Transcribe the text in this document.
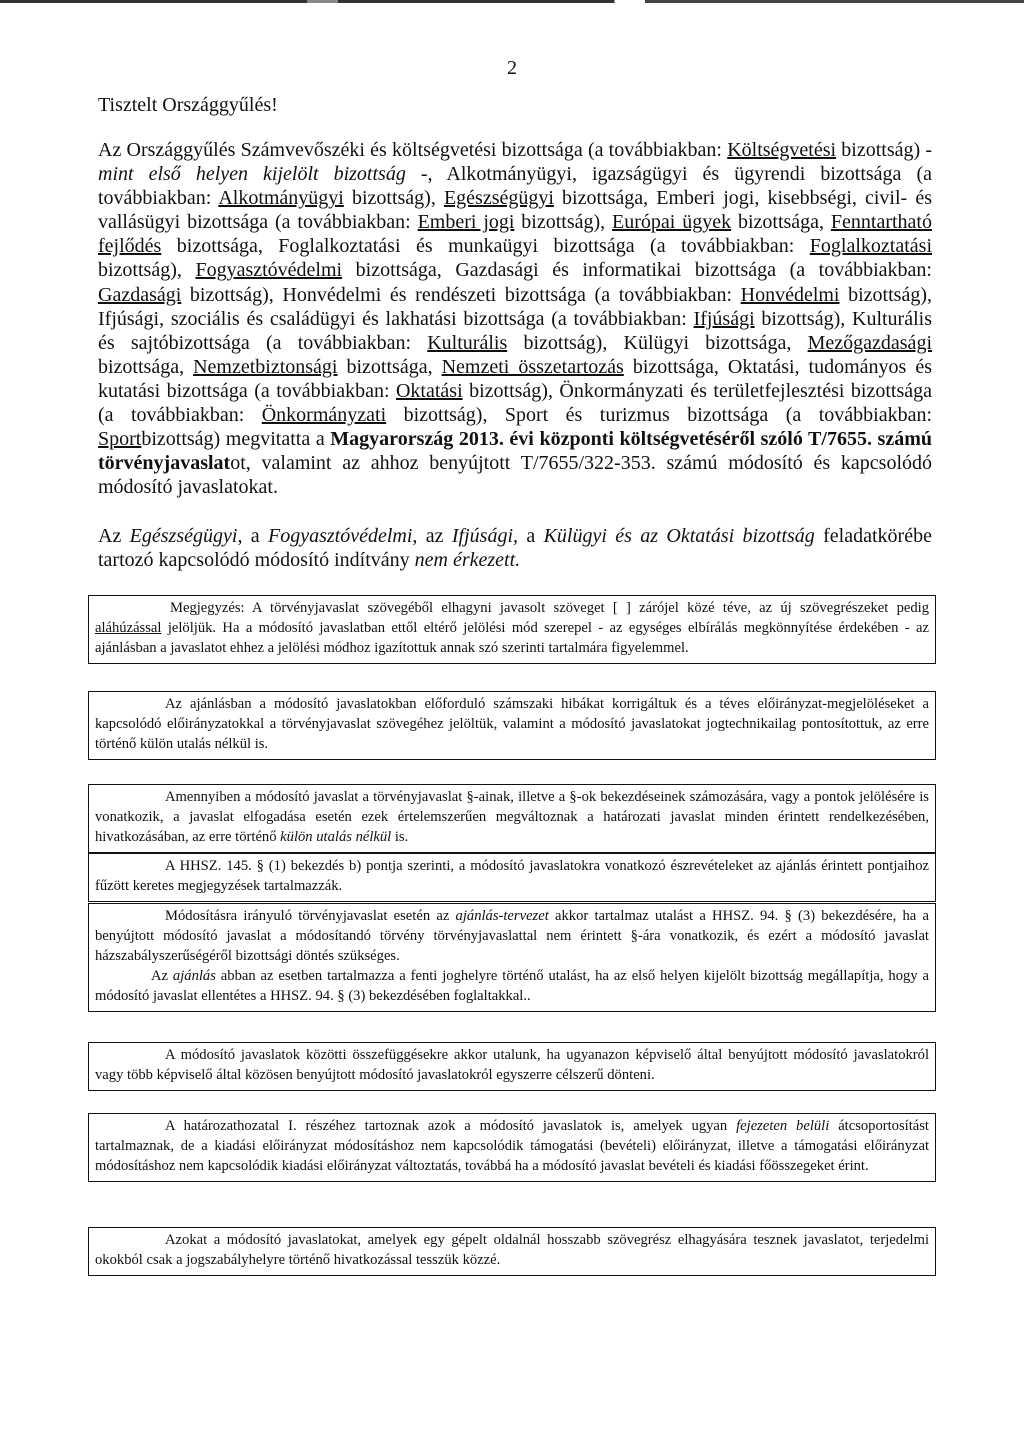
2
Tisztelt Országgyűlés!

Az Országgyűlés Számvevőszéki és költségvetési bizottsága (a továbbiakban: Költségvetési bizottság) - mint első helyen kijelölt bizottság -, Alkotmányügyi, igazságügyi és ügyrendi bizottsága (a továbbiakban: Alkotmányügyi bizottság), Egészségügyi bizottsága, Emberi jogi, kisebbségi, civil- és vallásügyi bizottsága (a továbbiakban: Emberi jogi bizottság), Európai ügyek bizottsága, Fenntartható fejlődés bizottsága, Foglalkoztatási és munkaügyi bizottsága (a továbbiakban: Foglalkoztatási bizottság), Fogyasztóvédelmi bizottsága, Gazdasági és informatikai bizottsága (a továbbiakban: Gazdasági bizottság), Honvédelmi és rendészeti bizottsága (a továbbiakban: Honvédelmi bizottság), Ifjúsági, szociális és családügyi és lakhatási bizottsága (a továbbiakban: Ifjúsági bizottság), Kulturális és sajtóbizottsága (a továbbiakban: Kulturális bizottság), Külügyi bizottsága, Mezőgazdasági bizottsága, Nemzetbiztonsági bizottsága, Nemzeti összetartozás bizottsága, Oktatási, tudományos és kutatási bizottsága (a továbbiakban: Oktatási bizottság), Önkormányzati és területfejlesztési bizottsága (a továbbiakban: Önkormányzati bizottság), Sport és turizmus bizottsága (a továbbiakban: Sportbizottság) megvitatta a Magyarország 2013. évi központi költségvetéséről szóló T/7655. számú törvényjavaslatot, valamint az ahhoz benyújtott T/7655/322-353. számú módosító és kapcsolódó módosító javaslatokat.

Az Egészségügyi, a Fogyasztóvédelmi, az Ifjúsági, a Külügyi és az Oktatási bizottság feladatkörébe tartozó kapcsolódó módosító indítvány nem érkezett.

Megjegyzés: A törvényjavaslat szövegéből elhagyni javasolt szöveget [ ] zárójel közé téve, az új szövegrészeket pedig aláhúzással jelöljük. Ha a módosító javaslatban ettől eltérő jelölési mód szerepel - az egységes elbírálás megkönnyítése érdekében - az ajánlásban a javaslatot ehhez a jelölési módhoz igazítottuk annak szó szerinti tartalmára figyelemmel.

Az ajánlásban a módosító javaslatokban előforduló számszaki hibákat korrigáltuk és a téves előirányzat-megjelöléseket a kapcsolódó előirányzatokkal a törvényjavaslat szövegéhez jelöltük, valamint a módosító javaslatokat jogtechnikailag pontosítottuk, az erre történő külön utalás nélkül is.

Amennyiben a módosító javaslat a törvényjavaslat §-ainak, illetve a §-ok bekezdéseinek számozására, vagy a pontok jelölésére is vonatkozik, a javaslat elfogadása esetén ezek értelemszerűen megváltoznak a határozati javaslat minden érintett rendelkezésében, hivatkozásában, az erre történő külön utalás nélkül is.

A HHSZ. 145. § (1) bekezdés b) pontja szerinti, a módosító javaslatokra vonatkozó észrevételeket az ajánlás érintett pontjaihoz fűzött keretes megjegyzések tartalmazzák.

Módosításra irányuló törvényjavaslat esetén az ajánlás-tervezet akkor tartalmaz utalást a HHSZ. 94. § (3) bekezdésére, ha a benyújtott módosító javaslat a módosítandó törvény törvényjavaslattal nem érintett §-ára vonatkozik, és ezért a módosító javaslat házszabályszerűségéről bizottsági döntés szükséges.

Az ajánlás abban az esetben tartalmazza a fenti joghelyre történő utalást, ha az első helyen kijelölt bizottság megállapítja, hogy a módosító javaslat ellentétes a HHSZ. 94. § (3) bekezdésében foglaltakkal..

A módosító javaslatok közötti összefüggésekre akkor utalunk, ha ugyanazon képviselő által benyújtott módosító javaslatokról vagy több képviselő által közösen benyújtott módosító javaslatokról egyszerre célszerű dönteni.

A határozathozatal I. részéhez tartoznak azok a módosító javaslatok is, amelyek ugyan fejezeten belüli átcsoportosítást tartalmaznak, de a kiadási előirányzat módosításhoz nem kapcsolódik támogatási (bevételi) előirányzat, illetve a támogatási előirányzat módosításhoz nem kapcsolódik kiadási előirányzat változtatás, továbbá ha a módosító javaslat bevételi és kiadási főösszegeket érint.

Azokat a módosító javaslatokat, amelyek egy gépelt oldalnál hosszabb szövegrész elhagyására tesznek javaslatot, terjedelmi okokból csak a jogszabályhelyre történő hivatkozással tesszük közzé.
